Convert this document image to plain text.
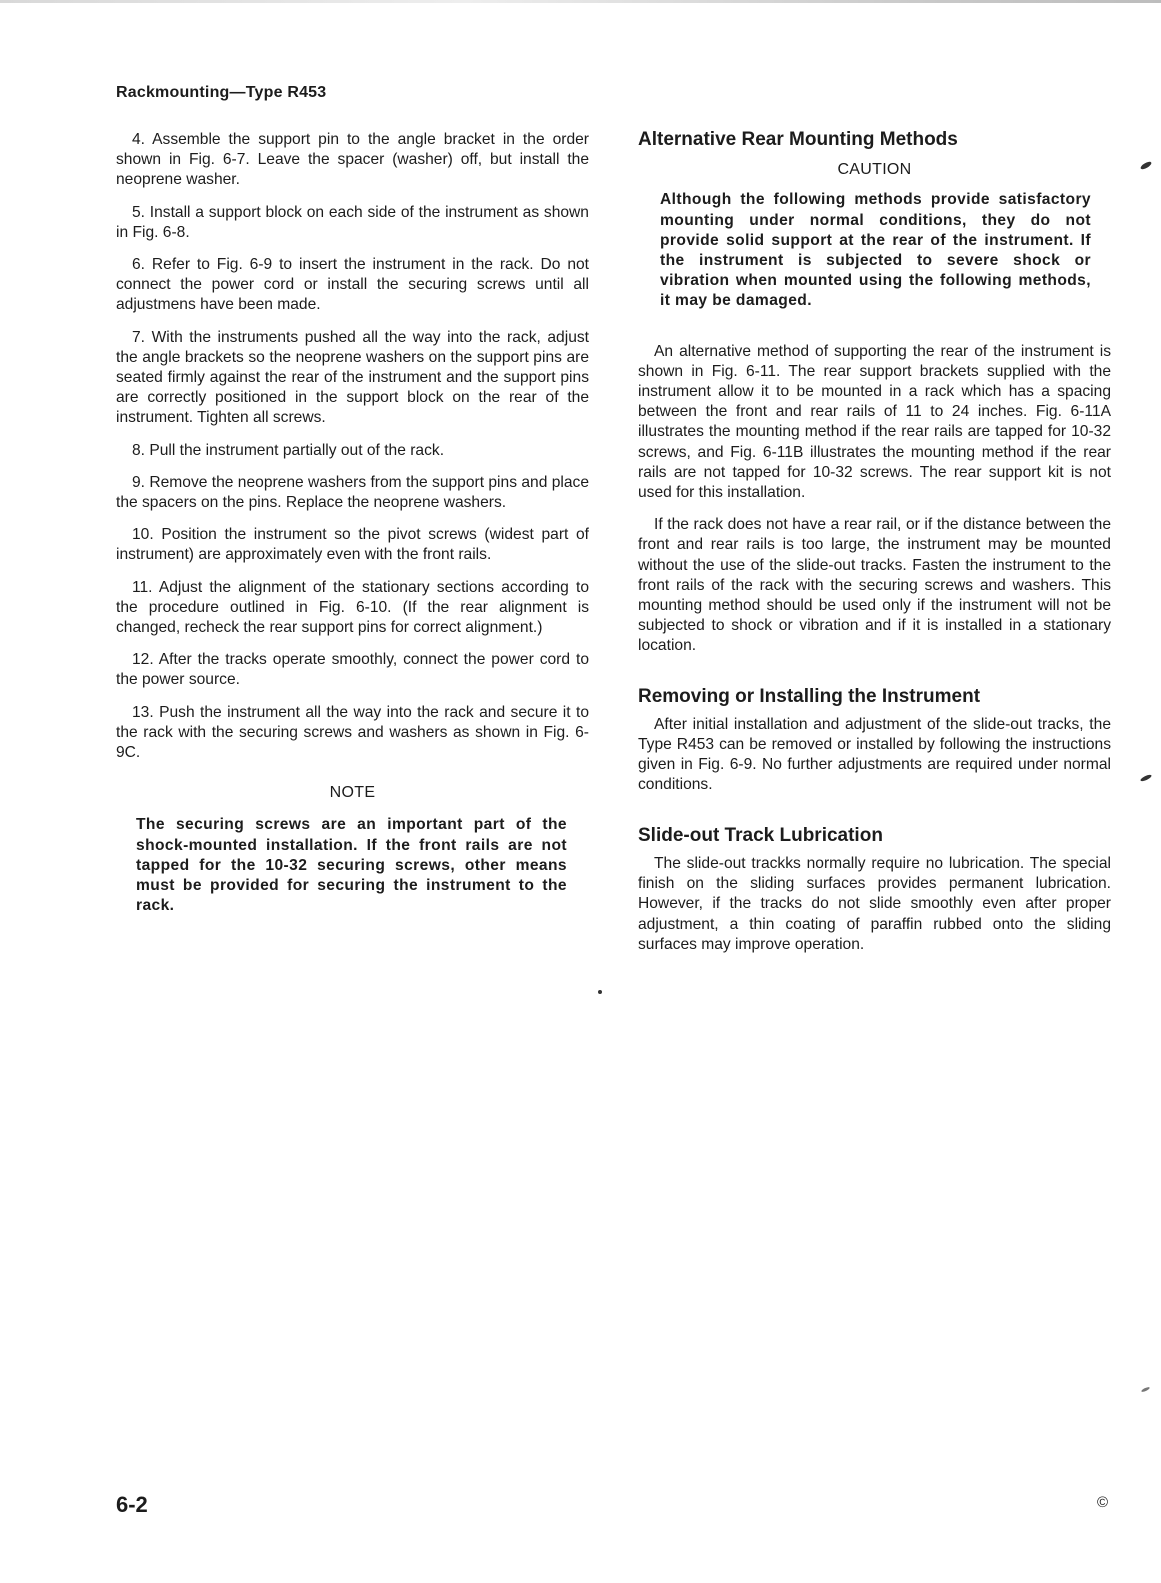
Rackmounting—Type R453

4. Assemble the support pin to the angle bracket in the order shown in Fig. 6-7. Leave the spacer (washer) off, but install the neoprene washer.

5. Install a support block on each side of the instrument as shown in Fig. 6-8.

6. Refer to Fig. 6-9 to insert the instrument in the rack. Do not connect the power cord or install the securing screws until all adjustmens have been made.

7. With the instruments pushed all the way into the rack, adjust the angle brackets so the neoprene washers on the support pins are seated firmly against the rear of the instrument and the support pins are correctly positioned in the support block on the rear of the instrument. Tighten all screws.

8. Pull the instrument partially out of the rack.

9. Remove the neoprene washers from the support pins and place the spacers on the pins. Replace the neoprene washers.

10. Position the instrument so the pivot screws (widest part of instrument) are approximately even with the front rails.

11. Adjust the alignment of the stationary sections according to the procedure outlined in Fig. 6-10. (If the rear alignment is changed, recheck the rear support pins for correct alignment.)

12. After the tracks operate smoothly, connect the power cord to the power source.

13. Push the instrument all the way into the rack and secure it to the rack with the securing screws and washers as shown in Fig. 6-9C.

NOTE

The securing screws are an important part of the shock-mounted installation. If the front rails are not tapped for the 10-32 securing screws, other means must be provided for securing the instrument to the rack.

Alternative Rear Mounting Methods
CAUTION

Although the following methods provide satisfactory mounting under normal conditions, they do not provide solid support at the rear of the instrument. If the instrument is subjected to severe shock or vibration when mounted using the following methods, it may be damaged.

An alternative method of supporting the rear of the instrument is shown in Fig. 6-11. The rear support brackets supplied with the instrument allow it to be mounted in a rack which has a spacing between the front and rear rails of 11 to 24 inches. Fig. 6-11A illustrates the mounting method if the rear rails are tapped for 10-32 screws, and Fig. 6-11B illustrates the mounting method if the rear rails are not tapped for 10-32 screws. The rear support kit is not used for this installation.

If the rack does not have a rear rail, or if the distance between the front and rear rails is too large, the instrument may be mounted without the use of the slide-out tracks. Fasten the instrument to the front rails of the rack with the securing screws and washers. This mounting method should be used only if the instrument will not be subjected to shock or vibration and if it is installed in a stationary location.

Removing or Installing the Instrument

After initial installation and adjustment of the slide-out tracks, the Type R453 can be removed or installed by following the instructions given in Fig. 6-9. No further adjustments are required under normal conditions.

Slide-out Track Lubrication

The slide-out trackks normally require no lubrication. The special finish on the sliding surfaces provides permanent lubrication. However, if the tracks do not slide smoothly even after proper adjustment, a thin coating of paraffin rubbed onto the sliding surfaces may improve operation.

6-2	©
